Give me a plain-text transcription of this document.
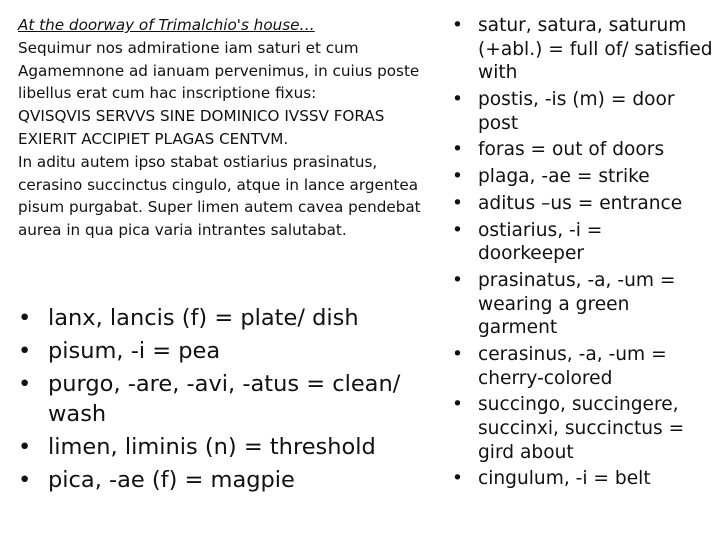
At the doorway of Trimalchio's house…
Sequimur nos admiratione iam saturi et cum
Agamemnone ad ianuam pervenimus, in cuius poste
libellus erat cum hac inscriptione fixus:
QVISQVIS SERVVS SINE DOMINICO IVSSV FORAS
EXIERIT ACCIPIET PLAGAS CENTVM.
In aditu autem ipso stabat ostiarius prasinatus,
cerasino succinctus cingulo, atque in lance argentea
pisum purgabat. Super limen autem cavea pendebat
aurea in qua pica varia intrantes salutabat.
• lanx, lancis (f) = plate/ dish
• pisum, -i = pea
• purgo, -are, -avi, -atus = clean/ wash
• limen, liminis (n) = threshold
• pica, -ae (f) = magpie
• satur, satura, saturum (+abl.) = full of/ satisfied with
• postis, -is (m) = door post
• foras = out of doors
• plaga, -ae = strike
• aditus –us = entrance
• ostiarius, -i = doorkeeper
• prasinatus, -a, -um = wearing a green garment
• cerasinus, -a, -um = cherry-colored
• succingo, succingere, succinxi, succinctus = gird about
• cingulum, -i = belt
